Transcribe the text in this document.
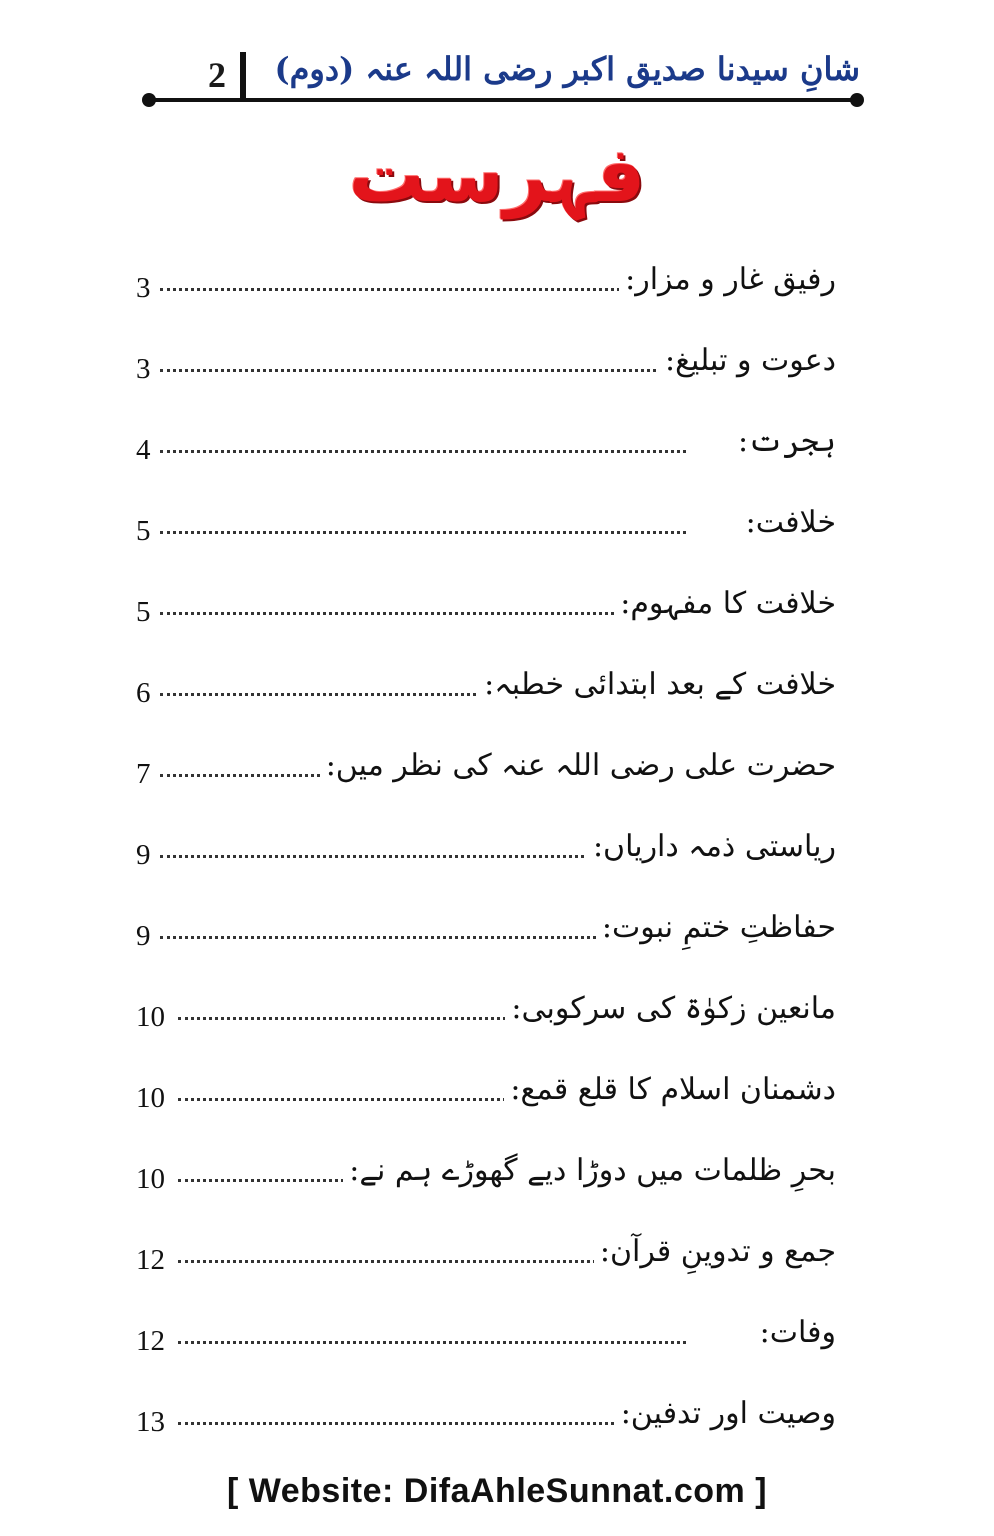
2 شانِ سیدنا صدیق اکبر رضی اللہ عنہ (دوم)
فہرست
3	رفیق غار و مزار:
3	دعوت و تبلیغ:
4	ہجرت:
5	خلافت:
5	خلافت کا مفہوم:
6	خلافت کے بعد ابتدائی خطبہ:
7	حضرت علی رضی اللہ عنہ کی نظر میں:
9	ریاستی ذمہ داریاں:
9	حفاظتِ ختمِ نبوت:
10	مانعین زکوٰۃ کی سرکوبی:
10	دشمنان اسلام کا قلع قمع:
10	بحرِ ظلمات میں دوڑا دیے گھوڑے ہم نے:
12	جمع و تدوینِ قرآن:
12	وفات:
13	وصیت اور تدفین:
[ Website: DifaAhleSunnat.com ]
